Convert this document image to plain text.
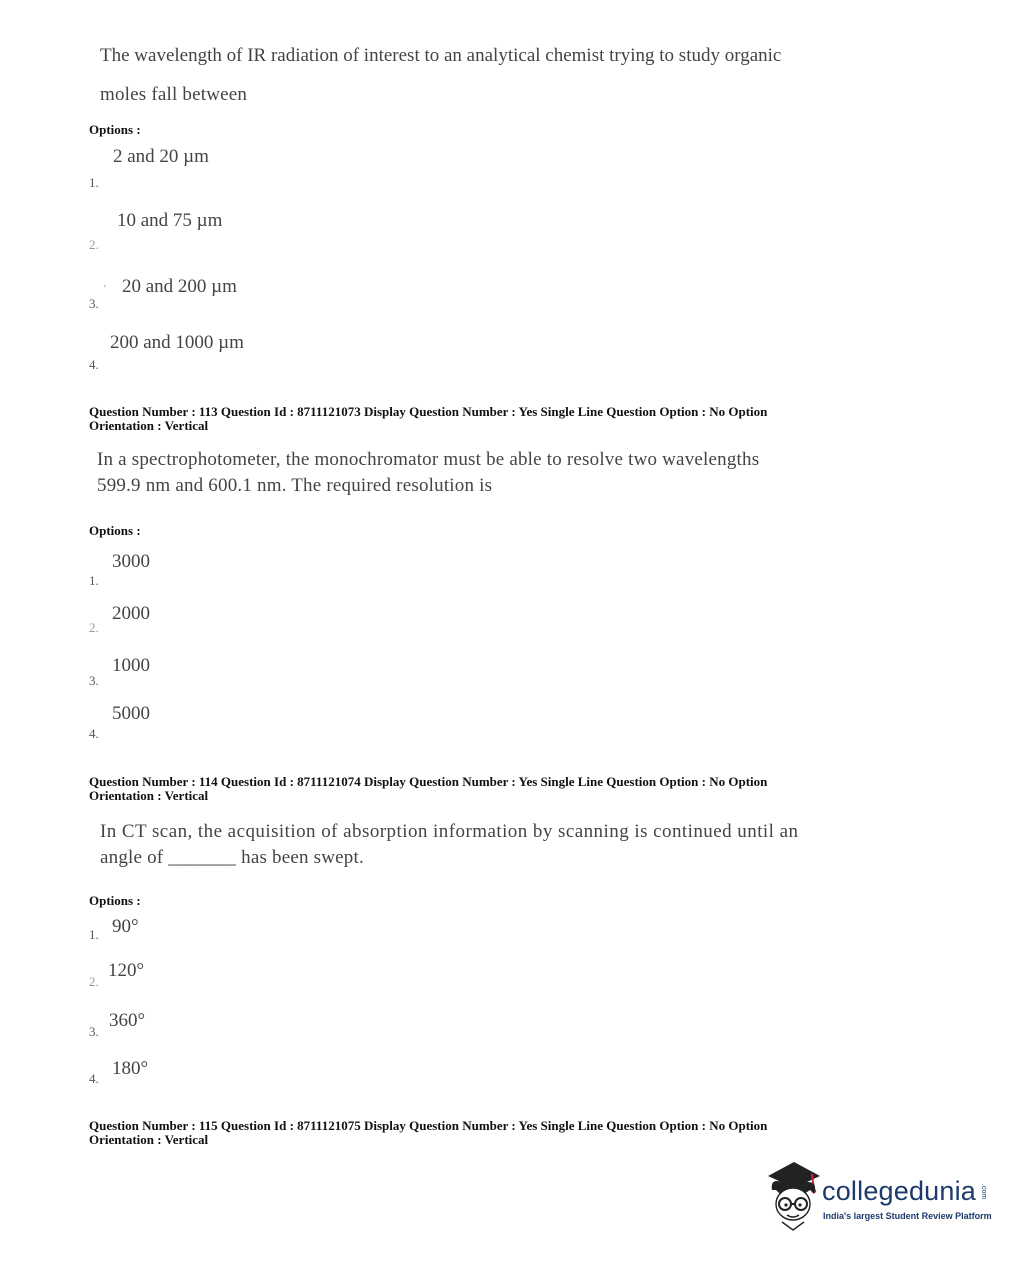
The wavelength of IR radiation of interest to an analytical chemist trying to study organic
moles fall between
Options :
2 and 20 µm
1.
10 and 75 µm
2.
' 20 and 200 µm
3.
200 and 1000 µm
4.
Question Number : 113 Question Id : 8711121073 Display Question Number : Yes Single Line Question Option : No Option
Orientation : Vertical
In a spectrophotometer, the monochromator must be able to resolve two wavelengths
599.9 nm and 600.1 nm. The required resolution is
Options :
3000
1.
2000
2.
1000
3.
5000
4.
Question Number : 114 Question Id : 8711121074 Display Question Number : Yes Single Line Question Option : No Option
Orientation : Vertical
In CT scan, the acquisition of absorption information by scanning is continued until an
angle of _______ has been swept.
Options :
1. 90°
120°
2.
3.
360°
4. 180°
Question Number : 115 Question Id : 8711121075 Display Question Number : Yes Single Line Question Option : No Option
Orientation : Vertical
collegedunia .com
India's largest Student Review Platform
